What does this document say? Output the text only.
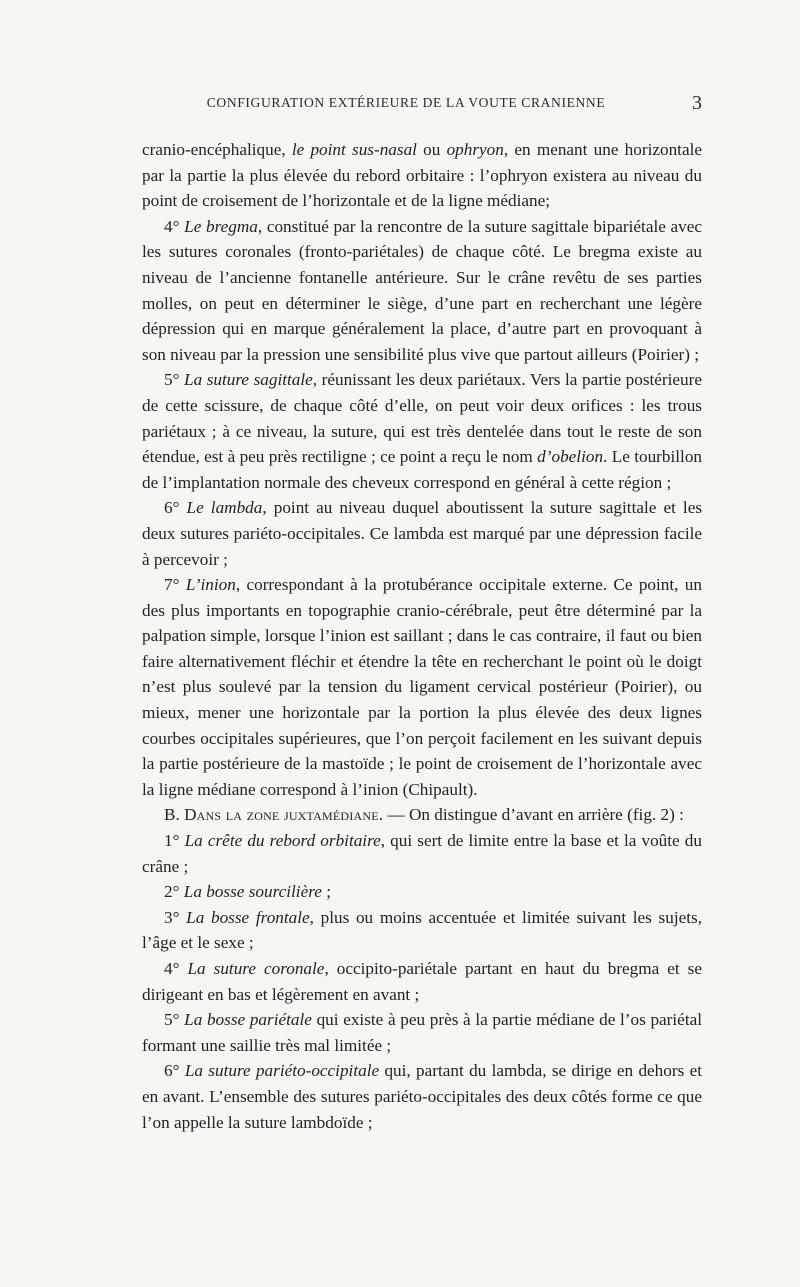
CONFIGURATION EXTÉRIEURE DE LA VOUTE CRANIENNE	3

cranio-encéphalique, le point sus-nasal ou ophryon, en menant une horizontale par la partie la plus élevée du rebord orbitaire : l’ophryon existera au niveau du point de croisement de l’horizontale et de la ligne médiane;

4° Le bregma, constitué par la rencontre de la suture sagittale bipariétale avec les sutures coronales (fronto-pariétales) de chaque côté. Le bregma existe au niveau de l’ancienne fontanelle antérieure. Sur le crâne revêtu de ses parties molles, on peut en déterminer le siège, d’une part en recherchant une légère dépression qui en marque généralement la place, d’autre part en provoquant à son niveau par la pression une sensibilité plus vive que partout ailleurs (Poirier) ;

5° La suture sagittale, réunissant les deux pariétaux. Vers la partie postérieure de cette scissure, de chaque côté d’elle, on peut voir deux orifices : les trous pariétaux ; à ce niveau, la suture, qui est très dentelée dans tout le reste de son étendue, est à peu près rectiligne ; ce point a reçu le nom d’obelion. Le tourbillon de l’implantation normale des cheveux correspond en général à cette région ;

6° Le lambda, point au niveau duquel aboutissent la suture sagittale et les deux sutures pariéto-occipitales. Ce lambda est marqué par une dépression facile à percevoir ;

7° L’inion, correspondant à la protubérance occipitale externe. Ce point, un des plus importants en topographie cranio-cérébrale, peut être déterminé par la palpation simple, lorsque l’inion est saillant ; dans le cas contraire, il faut ou bien faire alternativement fléchir et étendre la tête en recherchant le point où le doigt n’est plus soulevé par la tension du ligament cervical postérieur (Poirier), ou mieux, mener une horizontale par la portion la plus élevée des deux lignes courbes occipitales supérieures, que l’on perçoit facilement en les suivant depuis la partie postérieure de la mastoïde ; le point de croisement de l’horizontale avec la ligne médiane correspond à l’inion (Chipault).

B. Dans la zone juxtamédiane. — On distingue d’avant en arrière (fig. 2) :

1° La crête du rebord orbitaire, qui sert de limite entre la base et la voûte du crâne ;

2° La bosse sourcilière ;

3° La bosse frontale, plus ou moins accentuée et limitée suivant les sujets, l’âge et le sexe ;

4° La suture coronale, occipito-pariétale partant en haut du bregma et se dirigeant en bas et légèrement en avant ;

5° La bosse pariétale qui existe à peu près à la partie médiane de l’os pariétal formant une saillie très mal limitée ;

6° La suture pariéto-occipitale qui, partant du lambda, se dirige en dehors et en avant. L’ensemble des sutures pariéto-occipitales des deux côtés forme ce que l’on appelle la suture lambdoïde ;
